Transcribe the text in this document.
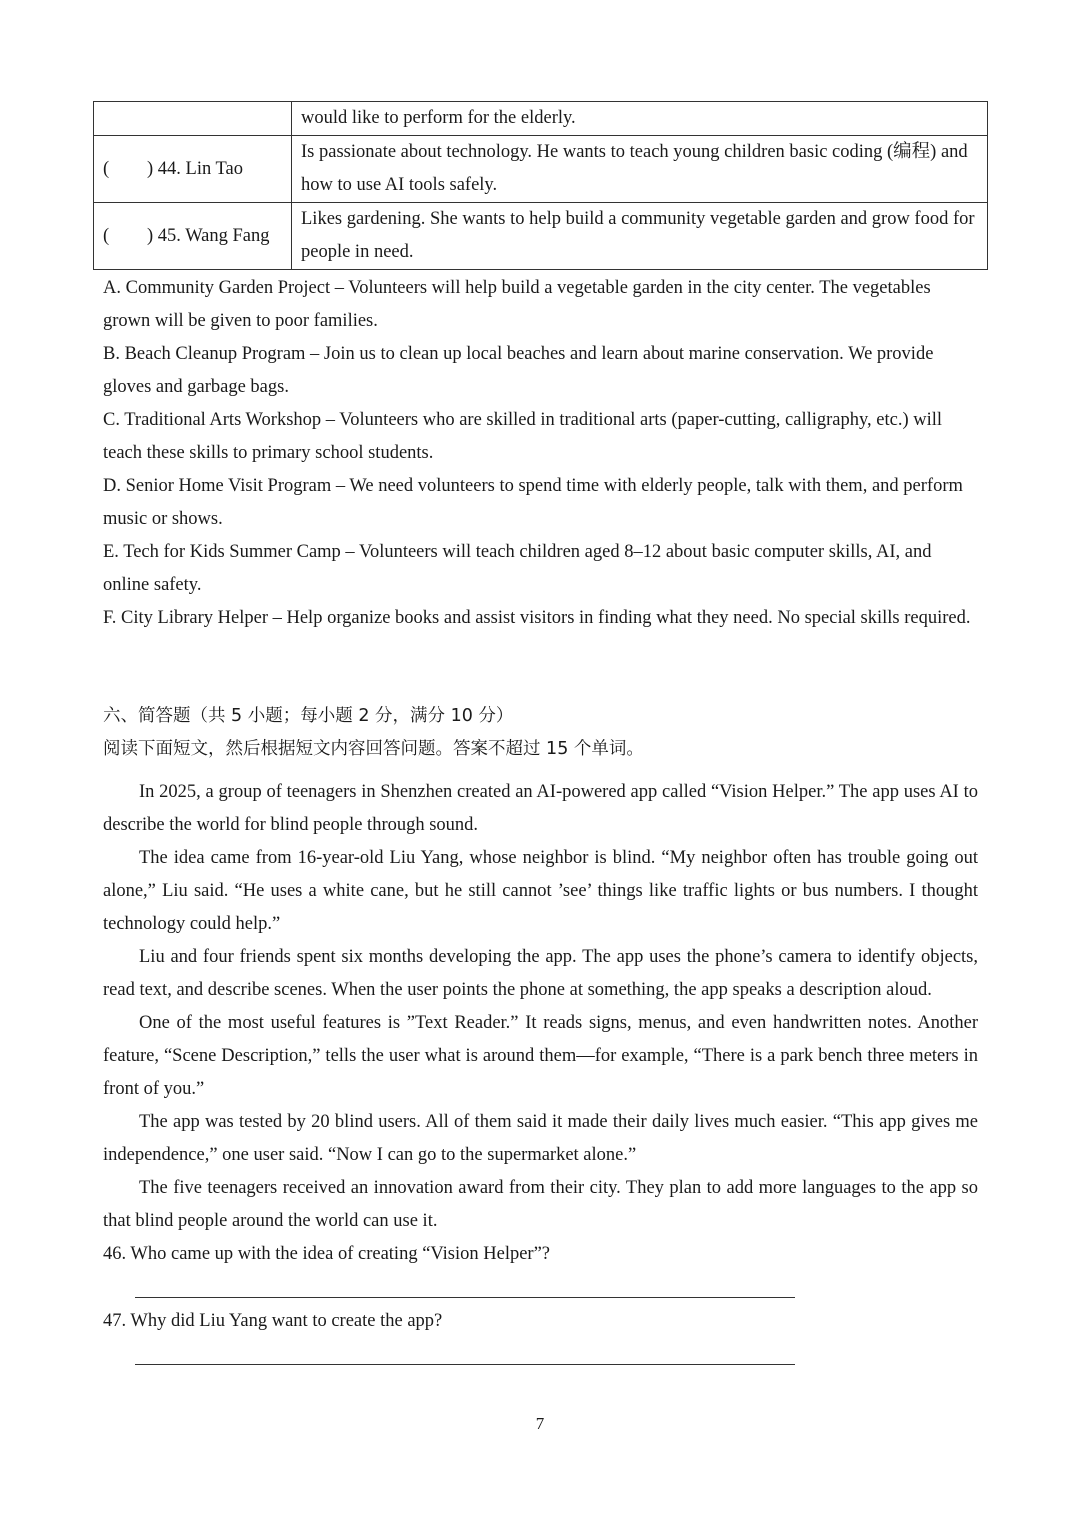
	would like to perform for the elderly.
( ) 44. Lin Tao	Is passionate about technology. He wants to teach young children basic coding (编程) and how to use AI tools safely.
( ) 45. Wang Fang	Likes gardening. She wants to help build a community vegetable garden and grow food for people in need.
A. Community Garden Project – Volunteers will help build a vegetable garden in the city center. The vegetables grown will be given to poor families.
B. Beach Cleanup Program – Join us to clean up local beaches and learn about marine conservation. We provide gloves and garbage bags.
C. Traditional Arts Workshop – Volunteers who are skilled in traditional arts (paper-cutting, calligraphy, etc.) will teach these skills to primary school students.
D. Senior Home Visit Program – We need volunteers to spend time with elderly people, talk with them, and perform music or shows.
E. Tech for Kids Summer Camp – Volunteers will teach children aged 8–12 about basic computer skills, AI, and online safety.
F. City Library Helper – Help organize books and assist visitors in finding what they need. No special skills required.
六、简答题（共 5 小题；每小题 2 分，满分 10 分）
阅读下面短文，然后根据短文内容回答问题。答案不超过 15 个单词。
In 2025, a group of teenagers in Shenzhen created an AI-powered app called “Vision Helper.” The app uses AI to describe the world for blind people through sound.
The idea came from 16-year-old Liu Yang, whose neighbor is blind. “My neighbor often has trouble going out alone,” Liu said. “He uses a white cane, but he still cannot ’see’ things like traffic lights or bus numbers. I thought technology could help.”
Liu and four friends spent six months developing the app. The app uses the phone’s camera to identify objects, read text, and describe scenes. When the user points the phone at something, the app speaks a description aloud.
One of the most useful features is ”Text Reader.” It reads signs, menus, and even handwritten notes. Another feature, “Scene Description,” tells the user what is around them—for example, “There is a park bench three meters in front of you.”
The app was tested by 20 blind users. All of them said it made their daily lives much easier. “This app gives me independence,” one user said. “Now I can go to the supermarket alone.”
The five teenagers received an innovation award from their city. They plan to add more languages to the app so that blind people around the world can use it.
46. Who came up with the idea of creating “Vision Helper”?
47. Why did Liu Yang want to create the app?
7
